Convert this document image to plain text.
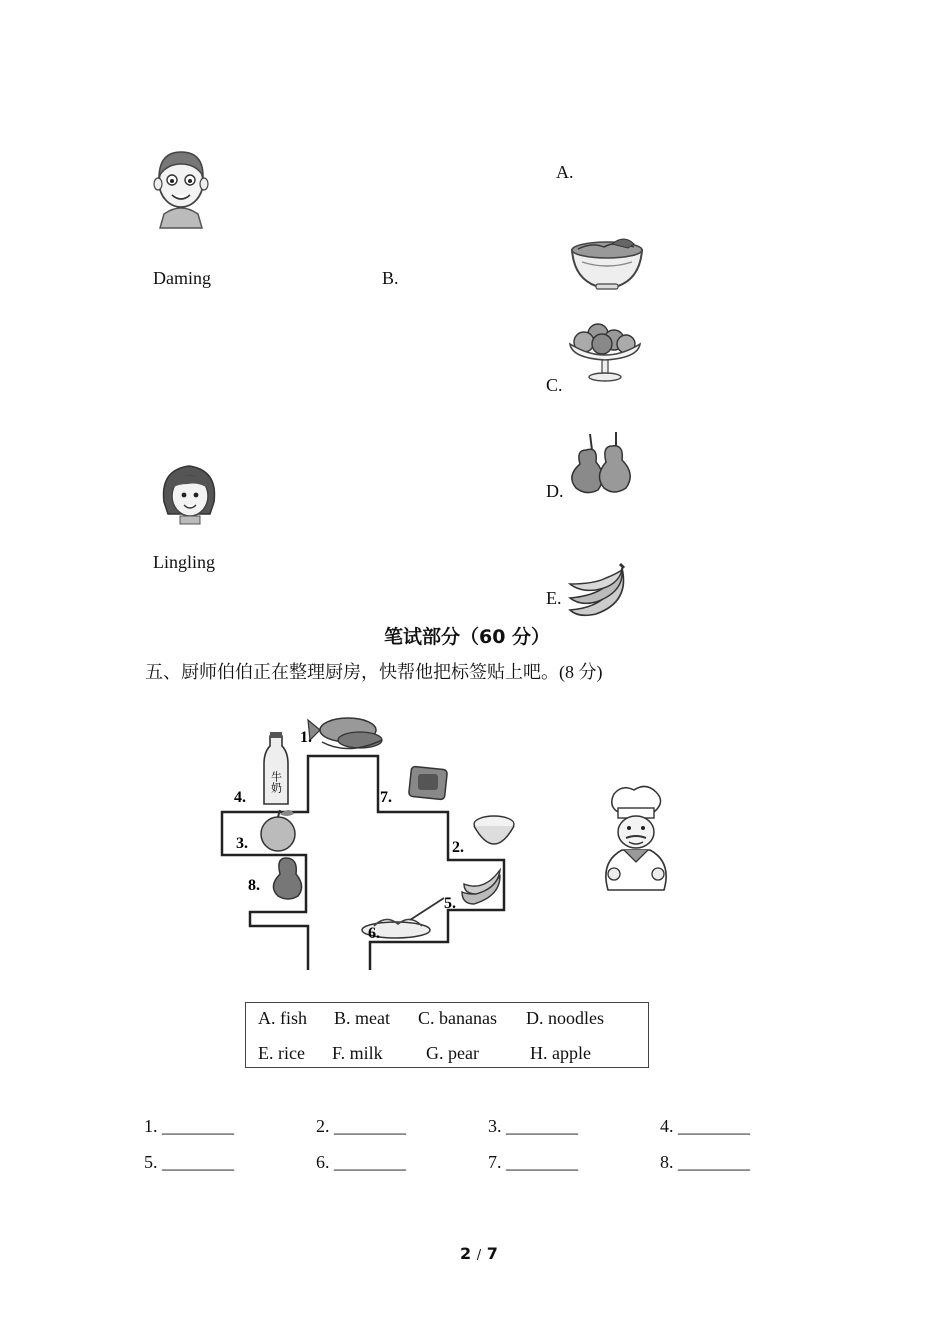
Daming	B.
Lingling
A.
C.
D.
E.
笔试部分（60 分）
五、厨师伯伯正在整理厨房，快帮他把标签贴上吧。(8 分)
牛奶
1.
2.
3.
4.
5.
6.
7.
8.
A. fish B. meat C. bananas D. noodles
E. rice F. milk G. pear	H. apple
1. ________	2. ________	3. ________	4. ________
5. ________	6. ________	7. ________	8. ________
2 / 7
